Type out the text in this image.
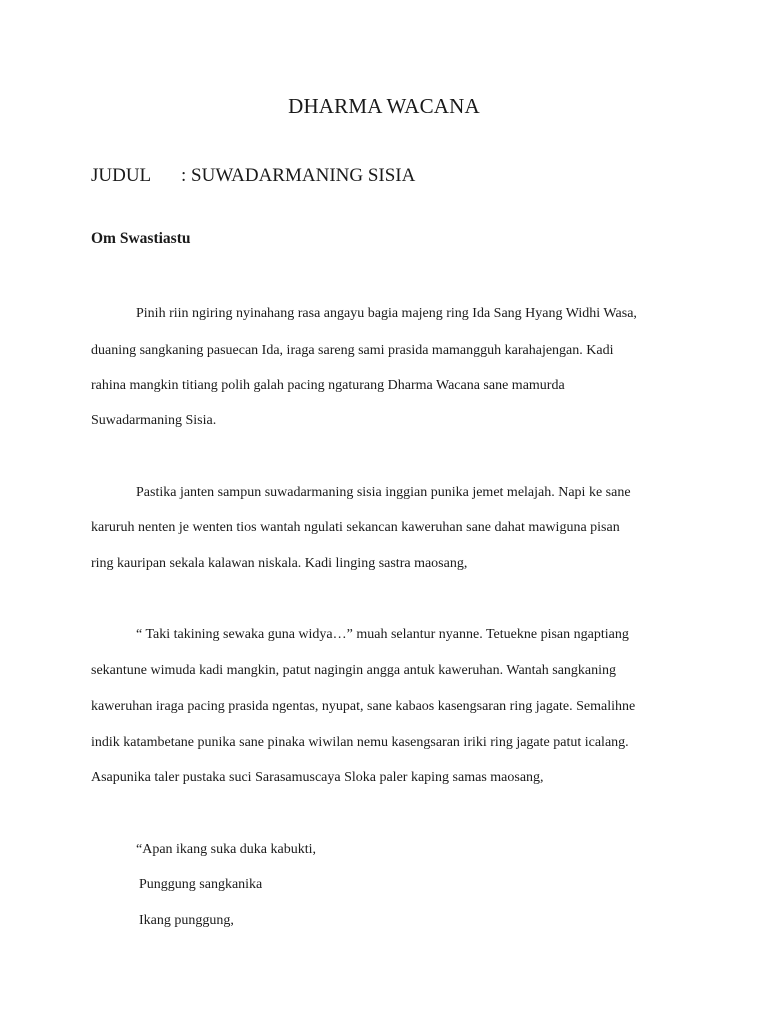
DHARMA WACANA
JUDUL : SUWADARMANING SISIA
Om Swastiastu
Pinih riin ngiring nyinahang rasa angayu bagia majeng ring Ida Sang Hyang Widhi Wasa,
duaning sangkaning pasuecan Ida, iraga sareng sami prasida mamangguh karahajengan. Kadi
rahina mangkin titiang polih galah pacing ngaturang Dharma Wacana sane mamurda
Suwadarmaning Sisia.
Pastika janten sampun suwadarmaning sisia inggian punika jemet melajah. Napi ke sane
karuruh nenten je wenten tios wantah ngulati sekancan kaweruhan sane dahat mawiguna pisan
ring kauripan sekala kalawan niskala. Kadi linging sastra maosang,
“ Taki takining sewaka guna widya…” muah selantur nyanne. Tetuekne pisan ngaptiang
sekantune wimuda kadi mangkin, patut nagingin angga antuk kaweruhan. Wantah sangkaning
kaweruhan iraga pacing prasida ngentas, nyupat, sane kabaos kasengsaran ring jagate. Semalihne
indik katambetane punika sane pinaka wiwilan nemu kasengsaran iriki ring jagate patut icalang.
Asapunika taler pustaka suci Sarasamuscaya Sloka paler kaping samas maosang,
“Apan ikang suka duka kabukti,
Punggung sangkanika
Ikang punggung,
